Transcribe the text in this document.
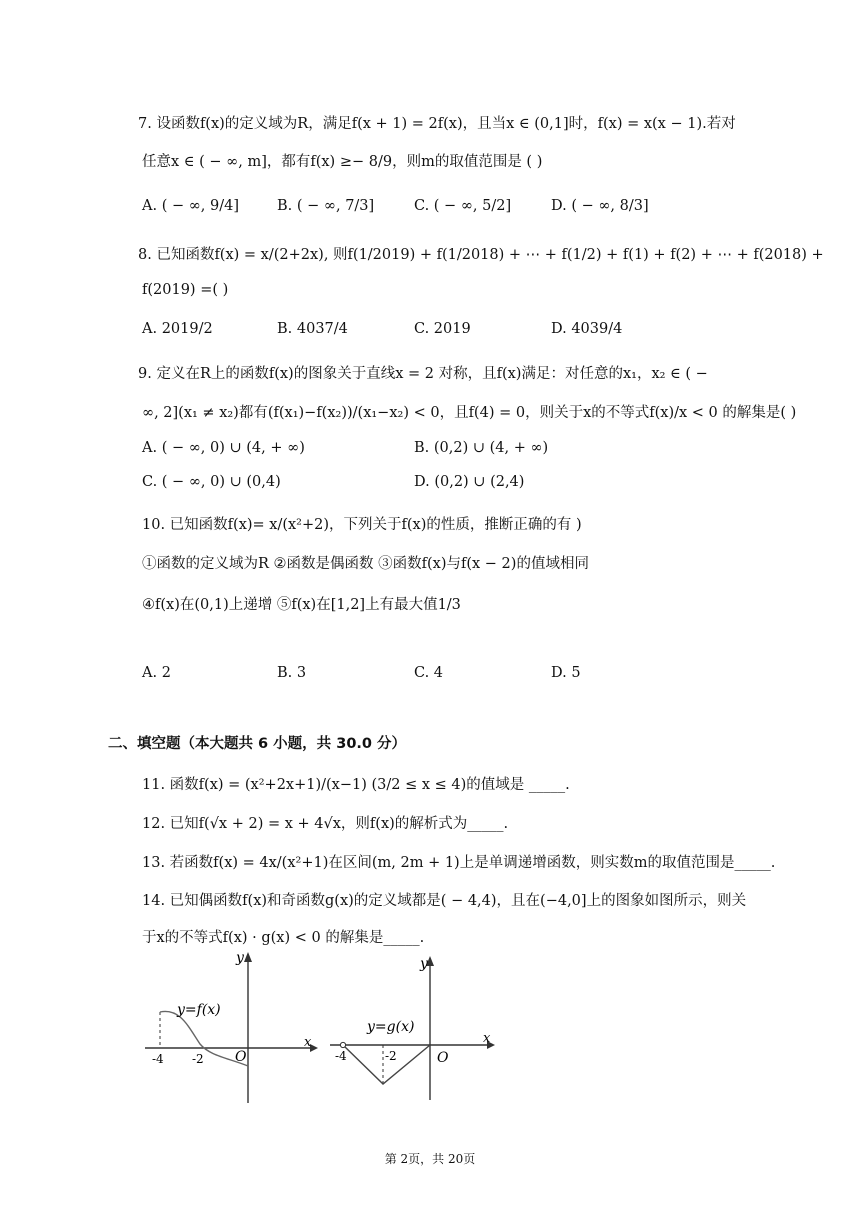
7. 设函数f(x)的定义域为R，满足f(x + 1) = 2f(x)，且当x ∈ (0,1]时，f(x) = x(x − 1).若对
任意x ∈ ( − ∞, m]，都有f(x) ≥− 8/9，则m的取值范围是 ( )
A. ( − ∞, 9/4]	B. ( − ∞, 7/3]	C. ( − ∞, 5/2]	D. ( − ∞, 8/3]
8. 已知函数f(x) = x/(2+2x), 则f(1/2019) + f(1/2018) + ⋯ + f(1/2) + f(1) + f(2) + ⋯ + f(2018) +
f(2019) =( )
A. 2019/2	B. 4037/4	C. 2019	D. 4039/4
9. 定义在R上的函数f(x)的图象关于直线x = 2 对称，且f(x)满足：对任意的x₁，x₂ ∈ ( −
∞, 2](x₁ ≠ x₂)都有(f(x₁)−f(x₂))/(x₁−x₂) < 0，且f(4) = 0，则关于x的不等式f(x)/x < 0 的解集是( )
A. ( − ∞, 0) ∪ (4, + ∞)	B. (0,2) ∪ (4, + ∞)
C. ( − ∞, 0) ∪ (0,4)	D. (0,2) ∪ (2,4)
10. 已知函数f(x)= x/(x²+2)，下列关于f(x)的性质，推断正确的有 )
①函数的定义域为R ②函数是偶函数 ③函数f(x)与f(x − 2)的值域相同
④f(x)在(0,1)上递增 ⑤f(x)在[1,2]上有最大值1/3
A. 2	B. 3	C. 4	D. 5
二、填空题（本大题共 6 小题，共 30.0 分）
11. 函数f(x) = (x²+2x+1)/(x−1) (3/2 ≤ x ≤ 4)的值域是 _____.
12. 已知f(√x + 2) = x + 4√x，则f(x)的解析式为_____.
13. 若函数f(x) = 4x/(x²+1)在区间(m, 2m + 1)上是单调递增函数，则实数m的取值范围是_____.
14. 已知偶函数f(x)和奇函数g(x)的定义域都是( − 4,4)，且在(−4,0]上的图象如图所示，则关
于x的不等式f(x) · g(x) < 0 的解集是_____.
y=f(x)
y
x
O
-4 -2
y=g(x)
y
x
O
-4	-2
第 2页，共 20页
